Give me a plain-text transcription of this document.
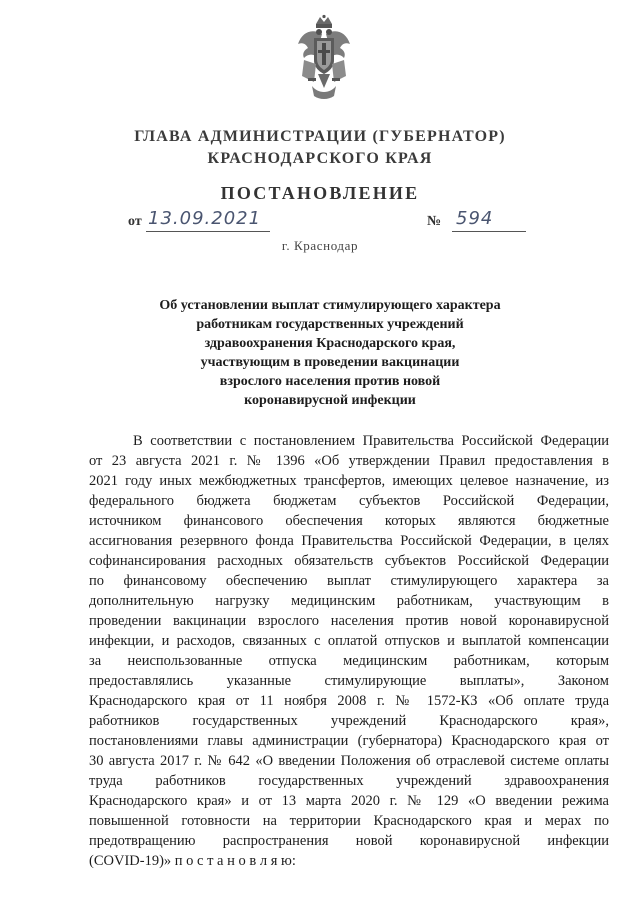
ГЛАВА АДМИНИСТРАЦИИ (ГУБЕРНАТОР)
КРАСНОДАРСКОГО КРАЯ
ПОСТАНОВЛЕНИЕ
от 13.09.2021	№ 594
г. Краснодар
Об установлении выплат стимулирующего характера
работникам государственных учреждений
здравоохранения Краснодарского края,
участвующим в проведении вакцинации
взрослого населения против новой
коронавирусной инфекции
В соответствии с постановлением Правительства Российской Федерации
от 23 августа 2021 г. № 1396 «Об утверждении Правил предоставления в
2021 году иных межбюджетных трансфертов, имеющих целевое назначение, из
федерального бюджета бюджетам субъектов Российской Федерации,
источником финансового обеспечения которых являются бюджетные
ассигнования резервного фонда Правительства Российской Федерации, в целях
софинансирования расходных обязательств субъектов Российской Федерации
по финансовому обеспечению выплат стимулирующего характера за
дополнительную нагрузку медицинским работникам, участвующим в
проведении вакцинации взрослого населения против новой коронавирусной
инфекции, и расходов, связанных с оплатой отпусков и выплатой компенсации
за неиспользованные отпуска медицинским работникам, которым
предоставлялись указанные стимулирующие выплаты», Законом
Краснодарского края от 11 ноября 2008 г. № 1572-КЗ «Об оплате труда
работников государственных учреждений Краснодарского края»,
постановлениями главы администрации (губернатора) Краснодарского края от
30 августа 2017 г. № 642 «О введении Положения об отраслевой системе оплаты
труда работников государственных учреждений здравоохранения
Краснодарского края» и от 13 марта 2020 г. № 129 «О введении режима
повышенной готовности на территории Краснодарского края и мерах по
предотвращению распространения новой коронавирусной инфекции
(COVID-19)» п о с т а н о в л я ю:
